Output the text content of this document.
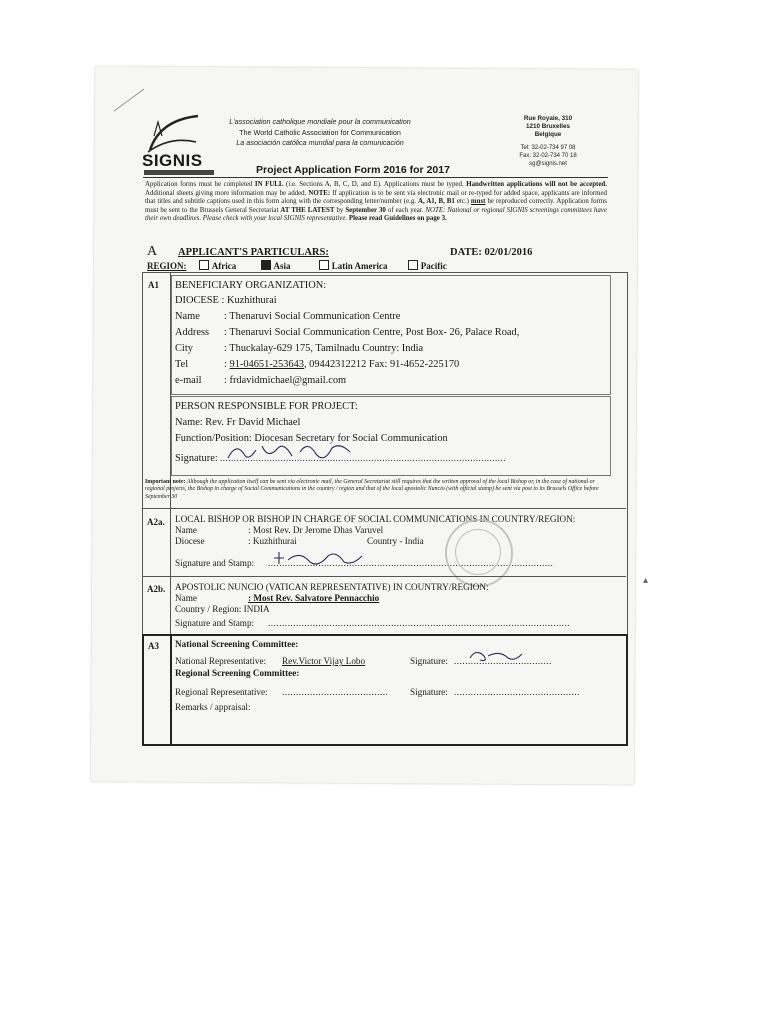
SIGNIS
L'association catholique mondiale pour la communication
The World Catholic Association for Communication
La asociación católica mundial para la comunicación
Rue Royale, 310
1210 Bruxelles
Belgique
Tel: 32-02-734 97 08
Fax: 32-02-734 70 18
sg@signis.net
Project Application Form 2016 for 2017
Application forms must be completed IN FULL (i.e. Sections A, B, C, D, and E). Applications must be typed. Handwritten applications will not be accepted. Additional sheets giving more information may be added. NOTE: If application is to be sent via electronic mail or re-typed for added space, applicants are informed that titles and subtitle captions used in this form along with the corresponding letter/number (e.g. A, A1, B, B1 etc.) must be reproduced correctly. Application forms must be sent to the Brussels General Secretariat AT THE LATEST by September 30 of each year. NOTE: National or regional SIGNIS screenings committees have their own deadlines. Please check with your local SIGNIS representative. Please read Guidelines on page 3.
A APPLICANT'S PARTICULARS:	DATE: 02/01/2016
REGION:	Africa	Asia	Latin America	Pacific
A1 BENEFICIARY ORGANIZATION:
DIOCESE : Kuzhithurai
Name : Thenaruvi Social Communication Centre
Address : Thenaruvi Social Communication Centre, Post Box- 26, Palace Road,
City	: Thuckalay-629 175, Tamilnadu Country: India
Tel	: 91-04651-253643, 09442312212 Fax: 91-4652-225170
e-mail : frdavidmichael@gmail.com
PERSON RESPONSIBLE FOR PROJECT:
Name: Rev. Fr David Michael
Function/Position: Diocesan Secretary for Social Communication
Signature: ........................................................................................................
Important note: Although the application itself can be sent via electronic mail, the General Secretariat still requires that the written approval of the local Bishop or, in the case of national or regional projects, the Bishop in charge of Social Communications in the country / region and that of the local apostolic Nuncio (with official stamp) be sent via post to its Brussels Office before September 30
A2a. LOCAL BISHOP OR BISHOP IN CHARGE OF SOCIAL COMMUNICATIONS IN COUNTRY/REGION:
Name	: Most Rev. Dr Jerome Dhas Varuvel
Diocese	: Kuzhithurai	Country - India
Signature and Stamp: ......................................................................................................
A2b. APOSTOLIC NUNCIO (VATICAN REPRESENTATIVE) IN COUNTRY/REGION:
Name	: Most Rev. Salvatore Pennacchio
Country / Region: INDIA
Signature and Stamp: ............................................................................................................
A3 National Screening Committee:
National Representative: Rev.Victor Vijay Lobo	Signature: ...................................
Regional Screening Committee:
Regional Representative: ...................................... Signature: .............................................
Remarks / appraisal:
▴
